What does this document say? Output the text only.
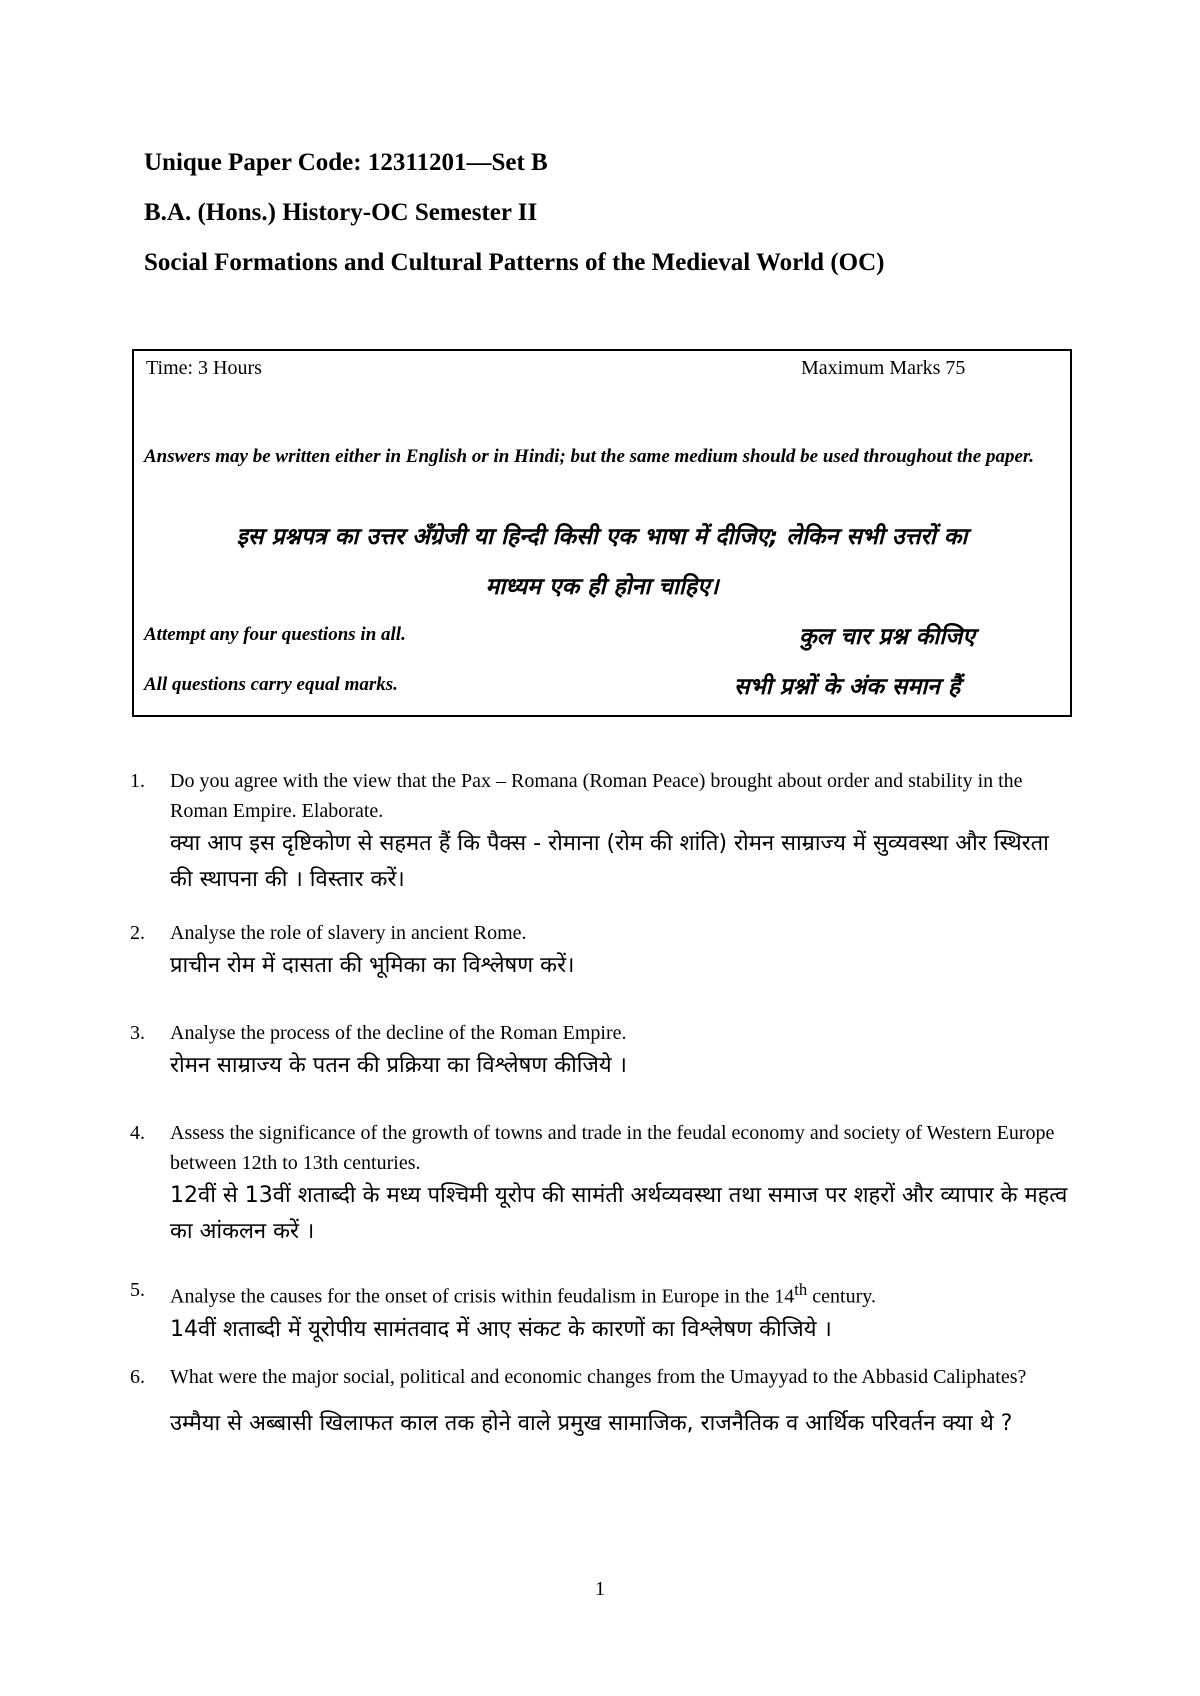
Unique Paper Code: 12311201—Set B
B.A. (Hons.) History-OC Semester II
Social Formations and Cultural Patterns of the Medieval World (OC)
Time: 3 Hours	Maximum Marks 75
Answers may be written either in English or in Hindi; but the same medium should be used throughout the paper.
इस प्रश्नपत्र का उत्तर अँग्रेजी या हिन्दी किसी एक भाषा में दीजिए; लेकिन सभी उत्तरों का
माध्यम एक ही होना चाहिए।
Attempt any four questions in all.	कुल चार प्रश्न कीजिए
All questions carry equal marks.	सभी प्रश्नों के अंक समान हैं
1. Do you agree with the view that the Pax – Romana (Roman Peace) brought about order and stability in the Roman Empire. Elaborate.
क्या आप इस दृष्टिकोण से सहमत हैं कि पैक्स - रोमाना (रोम की शांति) रोमन साम्राज्य में सुव्यवस्था और स्थिरता की स्थापना की । विस्तार करें।
2. Analyse the role of slavery in ancient Rome.
प्राचीन रोम में दासता की भूमिका का विश्लेषण करें।
3. Analyse the process of the decline of the Roman Empire.
रोमन साम्राज्य के पतन की प्रक्रिया का विश्लेषण कीजिये ।
4. Assess the significance of the growth of towns and trade in the feudal economy and society of Western Europe between 12th to 13th centuries.
12वीं से 13वीं शताब्दी के मध्य पश्चिमी यूरोप की सामंती अर्थव्यवस्था तथा समाज पर शहरों और व्यापार के महत्व का आंकलन करें ।
5. Analyse the causes for the onset of crisis within feudalism in Europe in the 14th century.
14वीं शताब्दी में यूरोपीय सामंतवाद में आए संकट के कारणों का विश्लेषण कीजिये ।
6. What were the major social, political and economic changes from the Umayyad to the Abbasid Caliphates?
उम्मैया से अब्बासी खिलाफत काल तक होने वाले प्रमुख सामाजिक, राजनैतिक व आर्थिक परिवर्तन क्या थे ?
1
